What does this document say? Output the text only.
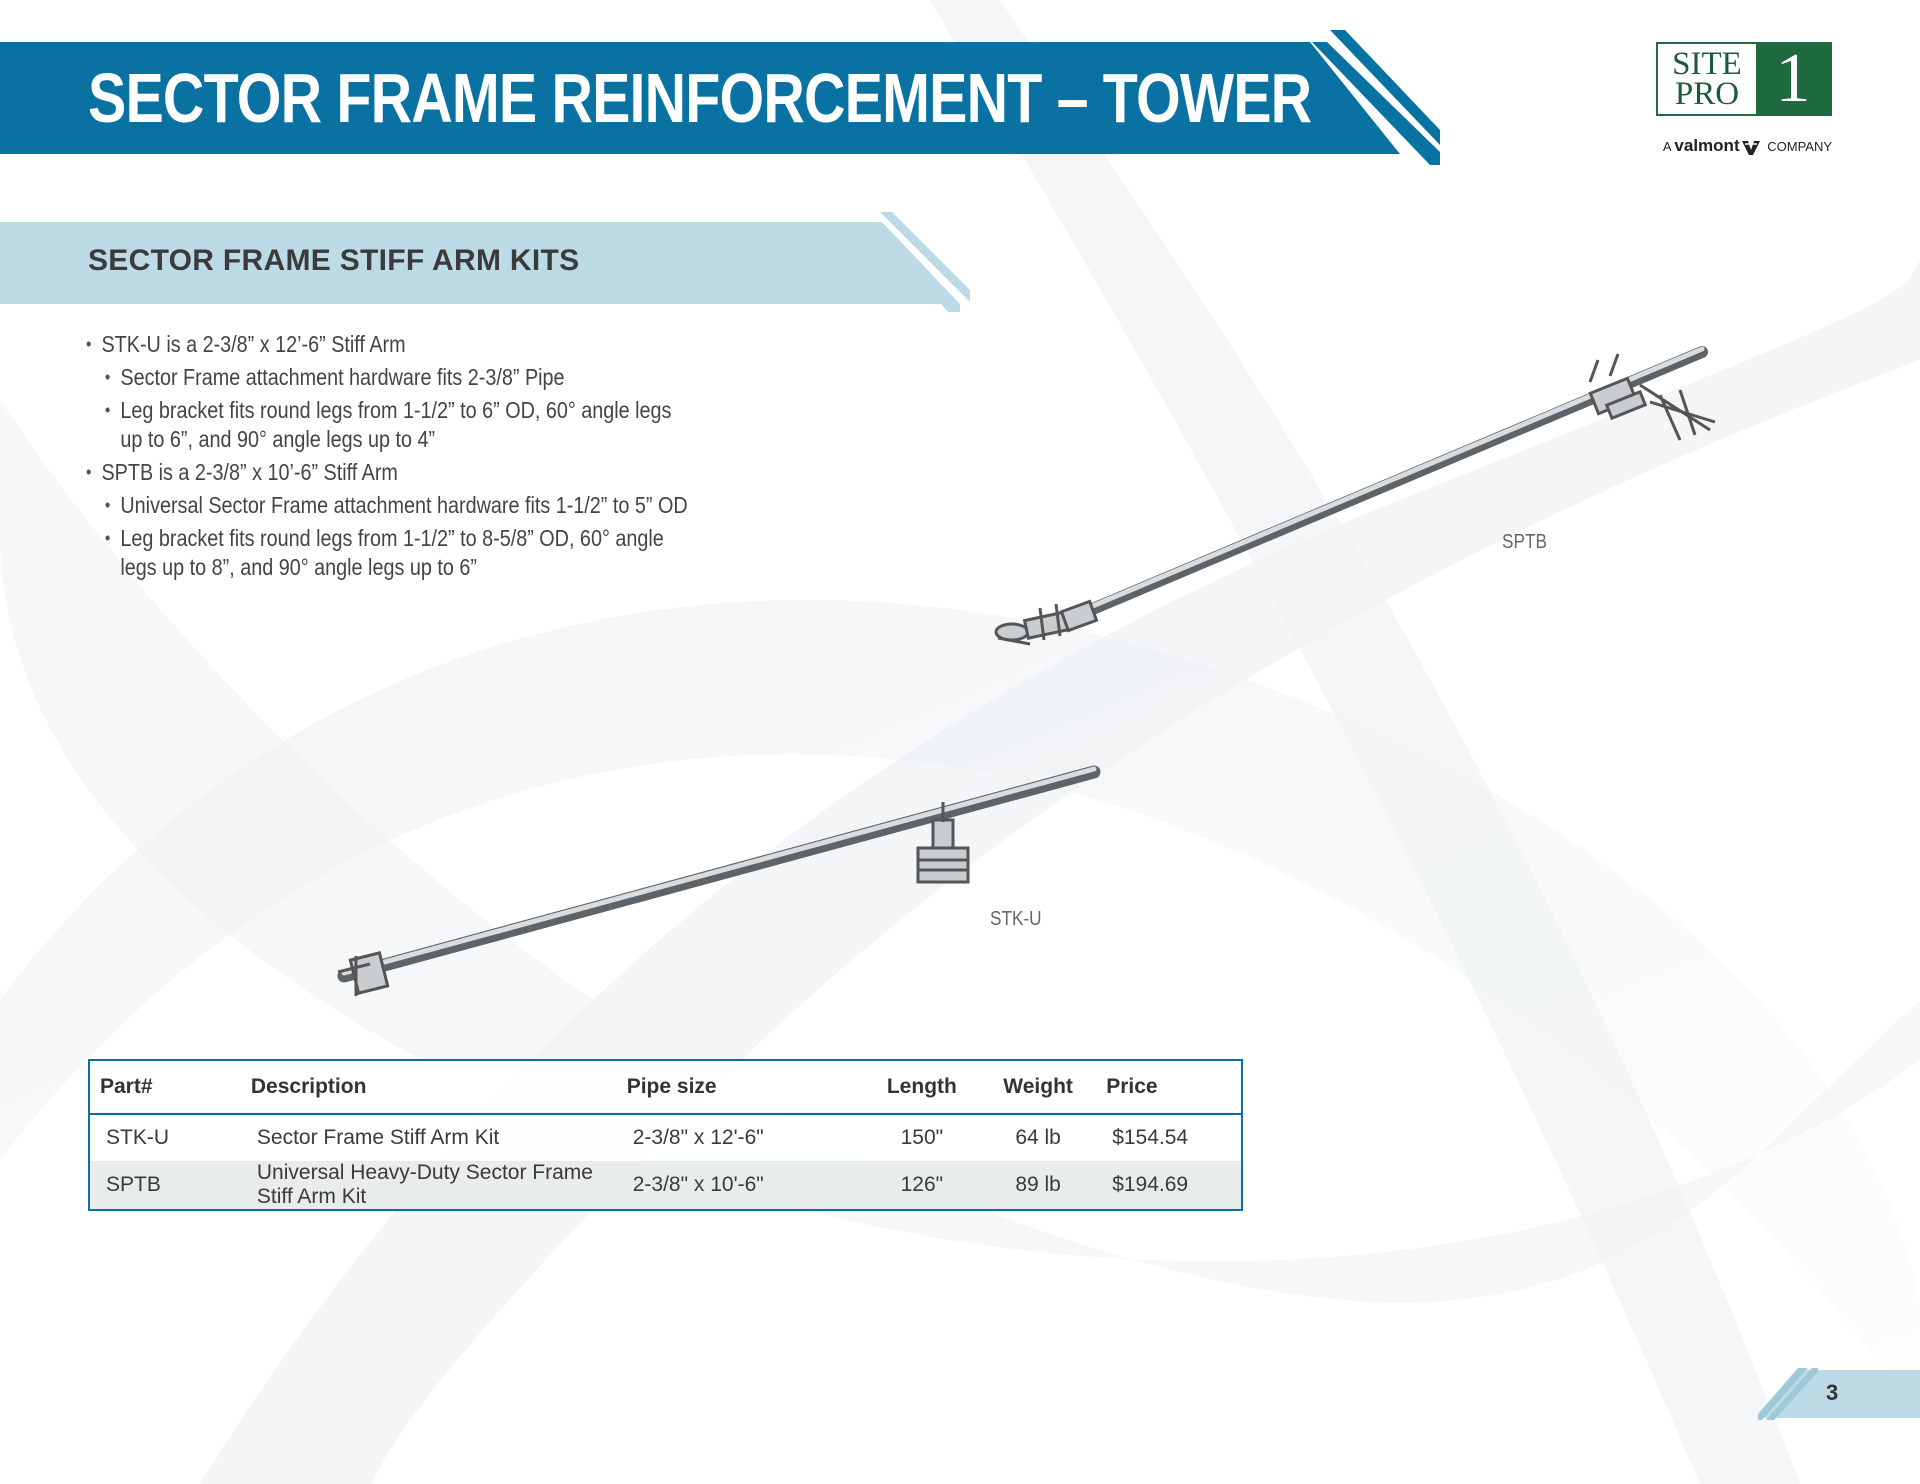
SECTOR FRAME REINFORCEMENT – TOWER	SITE
PRO 1
A valmont COMPANY
SECTOR FRAME STIFF ARM KITS
• STK-U is a 2-3/8” x 12’-6” Stiff Arm
• Sector Frame attachment hardware fits 2-3/8” Pipe
• Leg bracket fits round legs from 1-1/2” to 6” OD, 60° angle legs up to 6”, and 90° angle legs up to 4”
• SPTB is a 2-3/8” x 10’-6” Stiff Arm
• Universal Sector Frame attachment hardware fits 1-1/2” to 5” OD
• Leg bracket fits round legs from 1-1/2” to 8-5/8” OD, 60° angle legs up to 8”, and 90° angle legs up to 6”
SPTB
STK-U
Part#	Description	Pipe size	Length	Weight	Price
STK-U	Sector Frame Stiff Arm Kit	2-3/8" x 12'-6"	150"	64 lb	$154.54
SPTB	Universal Heavy-Duty Sector Frame Stiff Arm Kit	2-3/8" x 10'-6"	126"	89 lb	$194.69
3
